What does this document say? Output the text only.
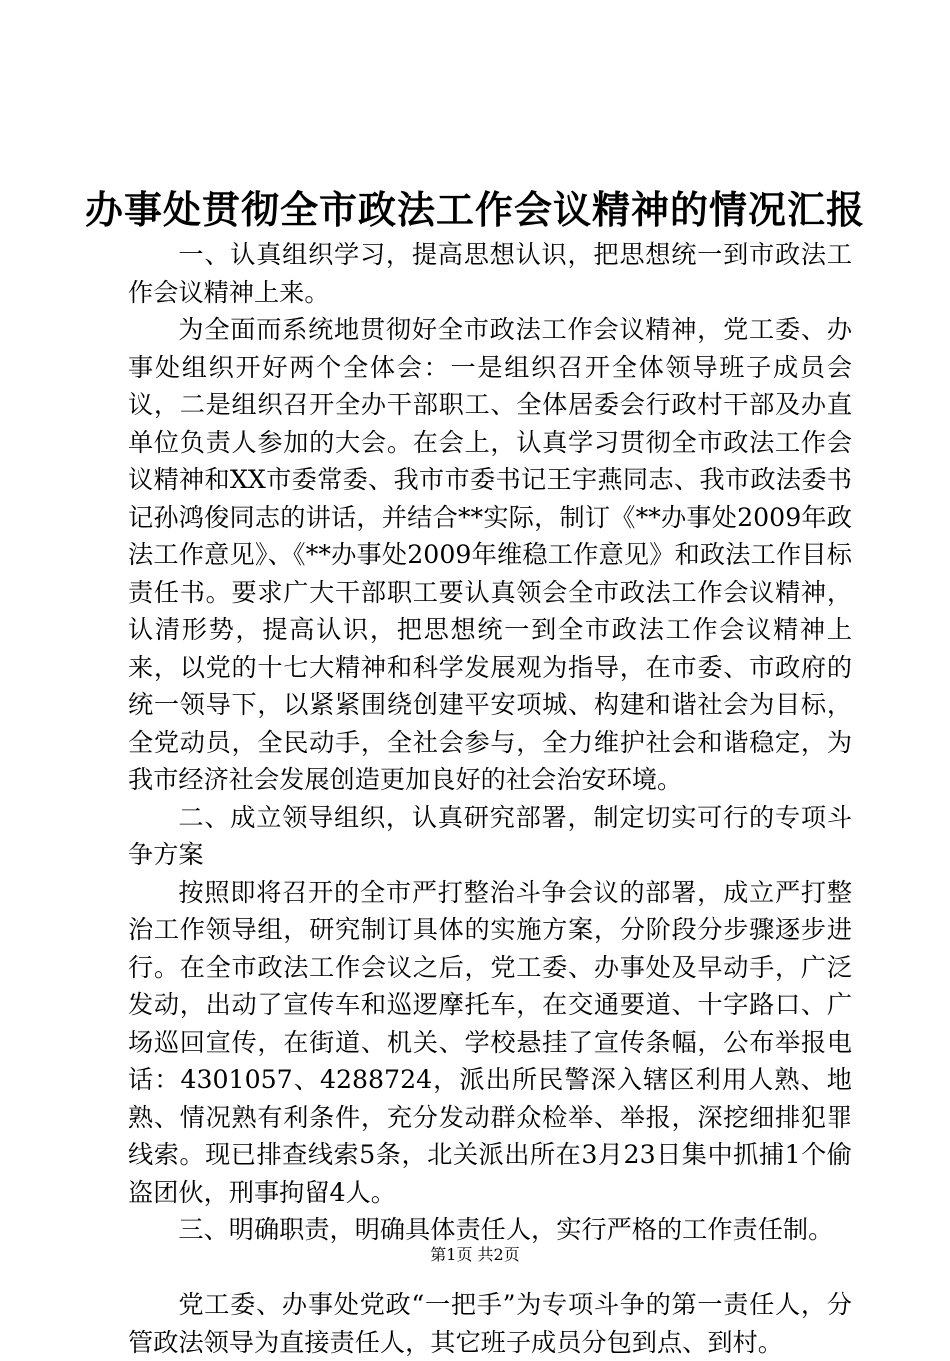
办事处贯彻全市政法工作会议精神的情况汇报

一、认真组织学习，提高思想认识，把思想统一到市政法工作会议精神上来。

为全面而系统地贯彻好全市政法工作会议精神，党工委、办事处组织开好两个全体会：一是组织召开全体领导班子成员会议，二是组织召开全办干部职工、全体居委会行政村干部及办直单位负责人参加的大会。在会上，认真学习贯彻全市政法工作会议精神和XX市委常委、我市市委书记王宇燕同志、我市政法委书记孙鸿俊同志的讲话，并结合**实际，制订《**办事处2009年政法工作意见》、《**办事处2009年维稳工作意见》和政法工作目标责任书。要求广大干部职工要认真领会全市政法工作会议精神，认清形势，提高认识，把思想统一到全市政法工作会议精神上来，以党的十七大精神和科学发展观为指导，在市委、市政府的统一领导下，以紧紧围绕创建平安项城、构建和谐社会为目标，全党动员，全民动手，全社会参与，全力维护社会和谐稳定，为我市经济社会发展创造更加良好的社会治安环境。

二、成立领导组织，认真研究部署，制定切实可行的专项斗争方案

按照即将召开的全市严打整治斗争会议的部署，成立严打整治工作领导组，研究制订具体的实施方案，分阶段分步骤逐步进行。在全市政法工作会议之后，党工委、办事处及早动手，广泛发动，出动了宣传车和巡逻摩托车，在交通要道、十字路口、广场巡回宣传，在街道、机关、学校悬挂了宣传条幅，公布举报电话：4301057、4288724，派出所民警深入辖区利用人熟、地熟、情况熟有利条件，充分发动群众检举、举报，深挖细排犯罪线索。现已排查线索5条，北关派出所在3月23日集中抓捕1个偷盗团伙，刑事拘留4人。

三、明确职责，明确具体责任人，实行严格的工作责任制。

党工委、办事处党政“一把手”为专项斗争的第一责任人，分管政法领导为直接责任人，其它班子成员分包到点、到村。

第1页 共2页
